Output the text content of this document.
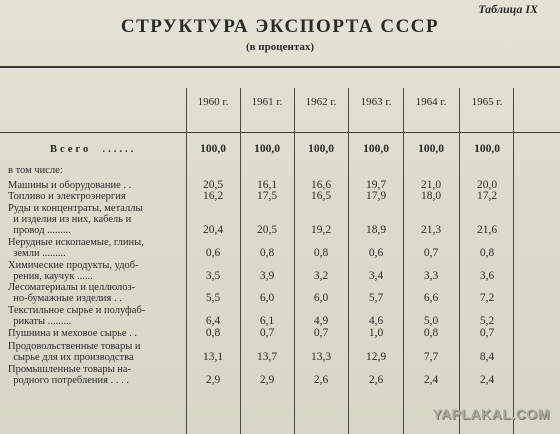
Таблица IX
СТРУКТУРА ЭКСПОРТА СССР
(в процентах)
1960 г.	1961 г.	1962 г.	1963 г.	1964 г.	1965 г.
Всего  ......	100,0	100,0	100,0	100,0	100,0	100,0
в том числе:
Машины и оборудование . .	20,5	16,1	16,6	19,7	21,0	20,0
Топливо и электроэнергия	16,2	17,5	16,5	17,9	18,0	17,2
Руды и концентраты, металлы
и изделия из них, кабель и
провод .........	20,4	20,5	19,2	18,9	21,3	21,6
Нерудные ископаемые, глины,
земли .........	0,6	0,8	0,8	0,6	0,7	0,8
Химические продукты, удоб-
рения, каучук ......	3,5	3,9	3,2	3,4	3,3	3,6
Лесоматериалы и целлюлоз-
но-бумажные изделия . .	5,5	6,0	6,0	5,7	6,6	7,2
Текстильное сырье и полуфаб-
рикаты .........	6,4	6,1	4,9	4,6	5,0	5,2
Пушнина и меховое сырье . .	0,8	0,7	0,7	1,0	0,8	0,7
Продовольственные товары и
сырье для их производства	13,1	13,7	13,3	12,9	7,7	8,4
Промышленные товары на-
родного потребления . . . .	2,9	2,9	2,6	2,6	2,4	2,4
YAPLAKAL.COM
